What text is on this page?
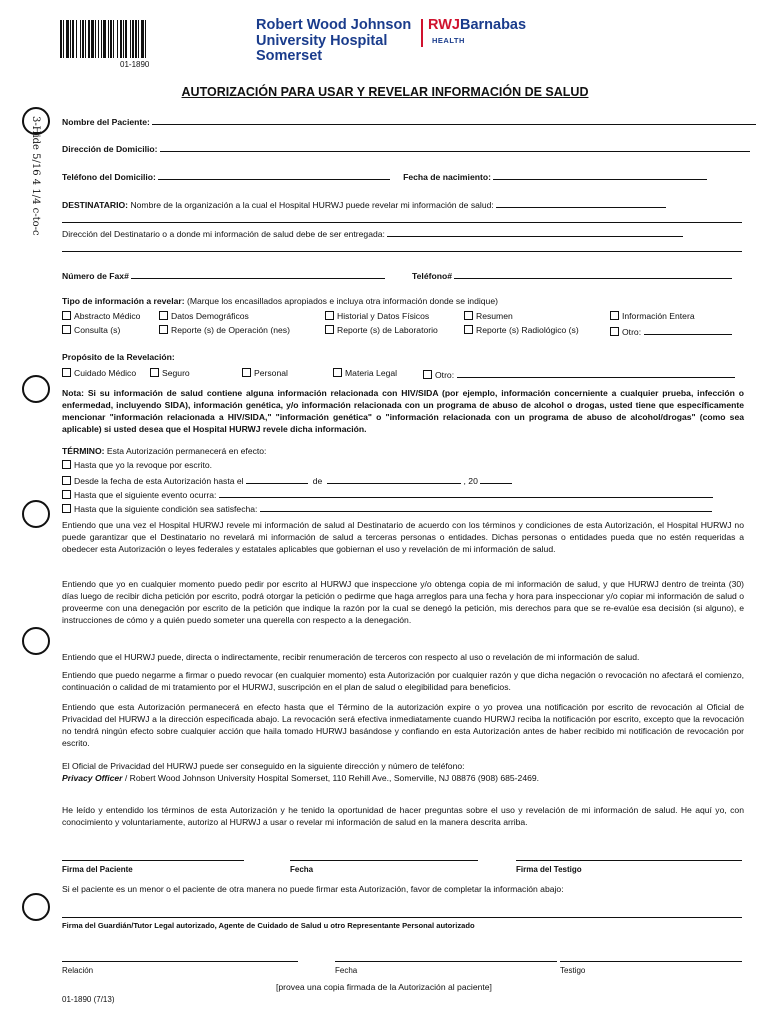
3-Hide 5/16 4 1/4 c-to-c
01-1890
Robert Wood Johnson
University Hospital
Somerset
RWJBarnabas
HEALTH
AUTORIZACIÓN PARA USAR Y REVELAR INFORMACIÓN DE SALUD
Nombre del Paciente:
Dirección de Domicilio:
Teléfono del Domicilio:	Fecha de nacimiento:
DESTINATARIO: Nombre de la organización a la cual el Hospital HURWJ puede revelar mi información de salud:
Dirección del Destinatario o a donde mi información de salud debe de ser entregada:
Número de Fax#	Teléfono#
Tipo de información a revelar: (Marque los encasillados apropiados e incluya otra información donde se indique)
Abstracto Médico	Datos Demográficos	Historial y Datos Físicos	Resumen	Información Entera
Consulta (s)	Reporte (s) de Operación (nes)	Reporte (s) de Laboratorio	Reporte (s) Radiológico (s)	Otro:
Propósito de la Revelación:
Cuidado Médico	Seguro	Personal	Materia Legal	Otro:
Nota: Si su información de salud contiene alguna información relacionada con HIV/SIDA (por ejemplo, información concerniente a cualquier prueba, infección o enfermedad, incluyendo SIDA), información genética, y/o información relacionada con un programa de abuso de alcohol o drogas, usted tiene que específicamente mencionar "información relacionada a HIV/SIDA," "información genética" o "información relacionada con un programa de abuso de alcohol/drogas" (como sea aplicable) si usted desea que el Hospital HURWJ revele dicha información.
TÉRMINO: Esta Autorización permanecerá en efecto:
Hasta que yo la revoque por escrito.
Desde la fecha de esta Autorización hasta el	de	, 20
Hasta que el siguiente evento ocurra:
Hasta que la siguiente condición sea satisfecha:
Entiendo que una vez el Hospital HURWJ revele mi información de salud al Destinatario de acuerdo con los términos y condiciones de esta Autorización, el Hospital HURWJ no puede garantizar que el Destinatario no revelará mi información de salud a terceras personas o entidades. Dichas personas o entidades pueda que no estén requeridas a obedecer esta Autorización o leyes federales y estatales aplicables que gobiernan el uso y revelación de mi información de salud.
Entiendo que yo en cualquier momento puedo pedir por escrito al HURWJ que inspeccione y/o obtenga copia de mi información de salud, y que HURWJ dentro de treinta (30) días luego de recibir dicha petición por escrito, podrá otorgar la petición o pedirme que haga arreglos para una fecha y hora para inspeccionar y/o copiar mi información de salud o proveerme con una denegación por escrito de la petición que indique la razón por la cual se denegó la petición, mis derechos para que se re-evalúe esa decisión (si alguno), e instrucciones de cómo y a quién puedo someter una querella con respecto a la denegación.
Entiendo que el HURWJ puede, directa o indirectamente, recibir renumeración de terceros con respecto al uso o revelación de mi información de salud.
Entiendo que puedo negarme a firmar o puedo revocar (en cualquier momento) esta Autorización por cualquier razón y que dicha negación o revocación no afectará el comienzo, continuación o calidad de mi tratamiento por el HURWJ, suscripción en el plan de salud o elegibilidad para beneficios.
Entiendo que esta Autorización permanecerá en efecto hasta que el Término de la autorización expire o yo provea una notificación por escrito de revocación al Oficial de Privacidad del HURWJ a la dirección especificada abajo. La revocación será efectiva inmediatamente cuando HURWJ reciba la notificación por escrito, excepto que la revocación no tendrá ningún efecto sobre cualquier acción que haila tomado HURWJ basándose y confiando en esta Autorización antes de haber recibido mi notificación de revocación por escrito.
El Oficial de Privacidad del HURWJ puede ser conseguido en la siguiente dirección y número de teléfono:
Privacy Officer / Robert Wood Johnson University Hospital Somerset, 110 Rehill Ave., Somerville, NJ 08876 (908) 685-2469.
He leído y entendido los términos de esta Autorización y he tenido la oportunidad de hacer preguntas sobre el uso y revelación de mi información de salud. He aquí yo, con conocimiento y voluntariamente, autorizo al HURWJ a usar o revelar mi información de salud en la manera descrita arriba.
Firma del Paciente	Fecha	Firma del Testigo
Si el paciente es un menor o el paciente de otra manera no puede firmar esta Autorización, favor de completar la información abajo:
Firma del Guardián/Tutor Legal autorizado, Agente de Cuidado de Salud u otro Representante Personal autorizado
Relación	Fecha	Testigo
[provea una copia firmada de la Autorización al paciente]
01-1890 (7/13)
